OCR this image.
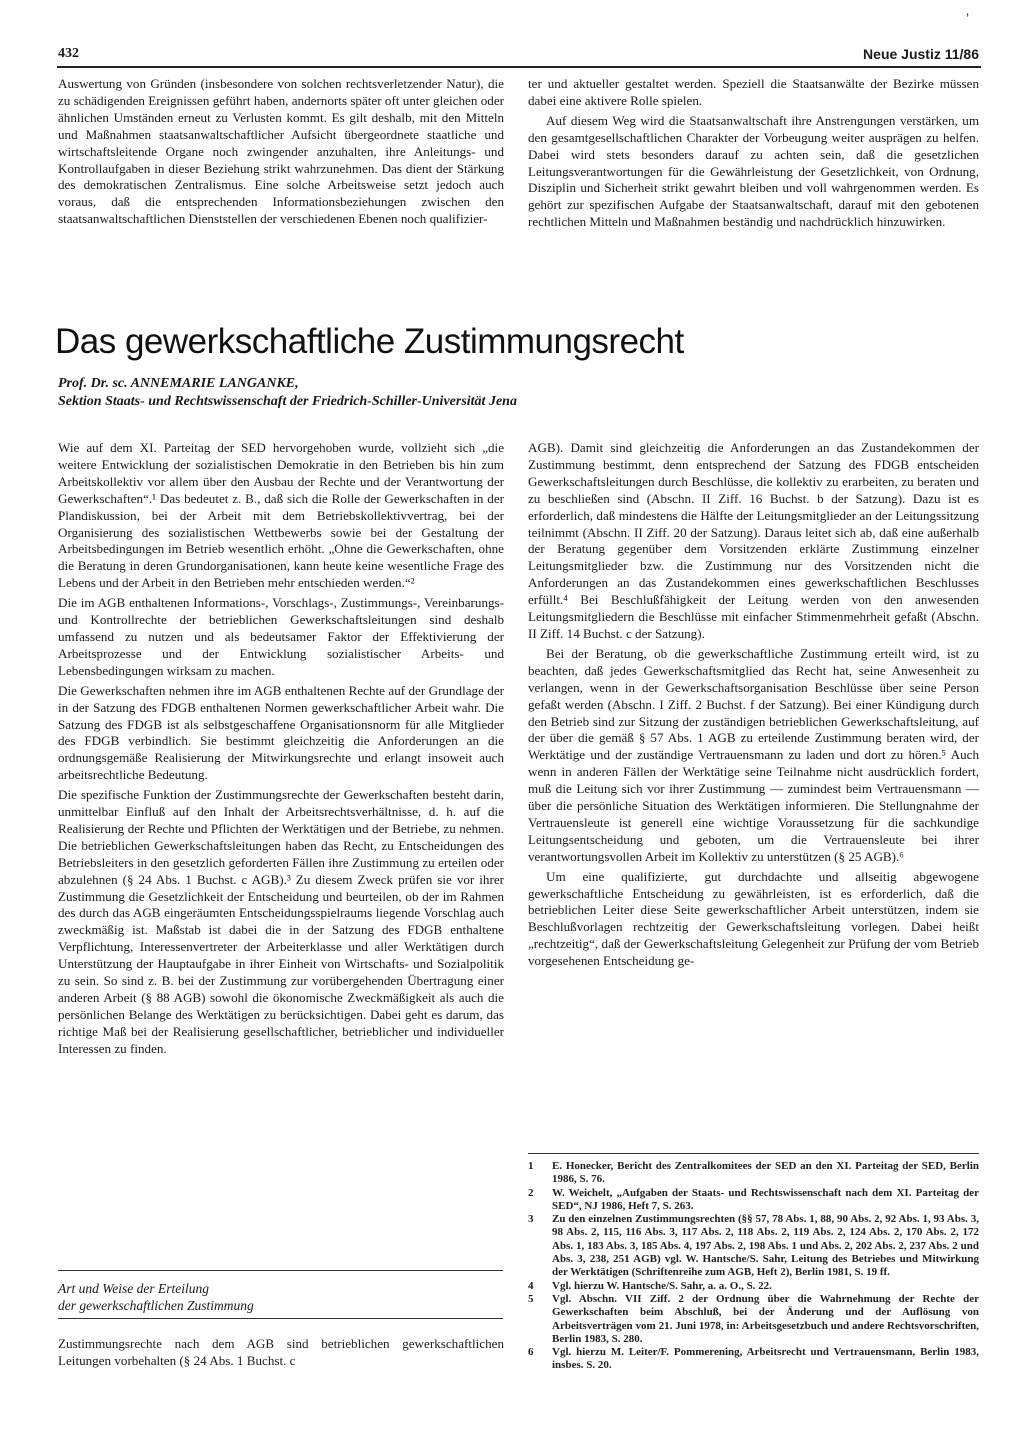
432	Neue Justiz 11/86
’

Auswertung von Gründen (insbesondere von solchen rechtsverletzender Natur), die zu schädigenden Ereignissen geführt haben, andernorts später oft unter gleichen oder ähnlichen Umständen erneut zu Verlusten kommt. Es gilt deshalb, mit den Mitteln und Maßnahmen staatsanwaltschaftlicher Aufsicht übergeordnete staatliche und wirtschaftsleitende Organe noch zwingender anzuhalten, ihre Anleitungs- und Kontrollaufgaben in dieser Beziehung strikt wahrzunehmen. Das dient der Stärkung des demokratischen Zentralismus. Eine solche Arbeitsweise setzt jedoch auch voraus, daß die entsprechenden Informationsbeziehungen zwischen den staatsanwaltschaftlichen Dienststellen der verschiedenen Ebenen noch qualifizier-

ter und aktueller gestaltet werden. Speziell die Staatsanwälte der Bezirke müssen dabei eine aktivere Rolle spielen.

Auf diesem Weg wird die Staatsanwaltschaft ihre Anstrengungen verstärken, um den gesamtgesellschaftlichen Charakter der Vorbeugung weiter ausprägen zu helfen. Dabei wird stets besonders darauf zu achten sein, daß die gesetzlichen Leitungsverantwortungen für die Gewährleistung der Gesetzlichkeit, von Ordnung, Disziplin und Sicherheit strikt gewahrt bleiben und voll wahrgenommen werden. Es gehört zur spezifischen Aufgabe der Staatsanwaltschaft, darauf mit den gebotenen rechtlichen Mitteln und Maßnahmen beständig und nachdrücklich hinzuwirken.

Das gewerkschaftliche Zustimmungsrecht
Prof. Dr. sc. ANNEMARIE LANGANKE,
Sektion Staats- und Rechtswissenschaft der Friedrich-Schiller-Universität Jena

Wie auf dem XI. Parteitag der SED hervorgehoben wurde, vollzieht sich „die weitere Entwicklung der sozialistischen Demokratie in den Betrieben bis hin zum Arbeitskollektiv vor allem über den Ausbau der Rechte und der Verantwortung der Gewerkschaften“.¹ Das bedeutet z. B., daß sich die Rolle der Gewerkschaften in der Plandiskussion, bei der Arbeit mit dem Betriebskollektivvertrag, bei der Organisierung des sozialistischen Wettbewerbs sowie bei der Gestaltung der Arbeitsbedingungen im Betrieb wesentlich erhöht. „Ohne die Gewerkschaften, ohne die Beratung in deren Grundorganisationen, kann heute keine wesentliche Frage des Lebens und der Arbeit in den Betrieben mehr entschieden werden.“²

Die im AGB enthaltenen Informations-, Vorschlags-, Zustimmungs-, Vereinbarungs- und Kontrollrechte der betrieblichen Gewerkschaftsleitungen sind deshalb umfassend zu nutzen und als bedeutsamer Faktor der Effektivierung der Arbeitsprozesse und der Entwicklung sozialistischer Arbeits- und Lebensbedingungen wirksam zu machen.

Die Gewerkschaften nehmen ihre im AGB enthaltenen Rechte auf der Grundlage der in der Satzung des FDGB enthaltenen Normen gewerkschaftlicher Arbeit wahr. Die Satzung des FDGB ist als selbstgeschaffene Organisationsnorm für alle Mitglieder des FDGB verbindlich. Sie bestimmt gleichzeitig die Anforderungen an die ordnungsgemäße Realisierung der Mitwirkungsrechte und erlangt insoweit auch arbeitsrechtliche Bedeutung.

Die spezifische Funktion der Zustimmungsrechte der Gewerkschaften besteht darin, unmittelbar Einfluß auf den Inhalt der Arbeitsrechtsverhältnisse, d. h. auf die Realisierung der Rechte und Pflichten der Werktätigen und der Betriebe, zu nehmen. Die betrieblichen Gewerkschaftsleitungen haben das Recht, zu Entscheidungen des Betriebsleiters in den gesetzlich geforderten Fällen ihre Zustimmung zu erteilen oder abzulehnen (§ 24 Abs. 1 Buchst. c AGB).³ Zu diesem Zweck prüfen sie vor ihrer Zustimmung die Gesetzlichkeit der Entscheidung und beurteilen, ob der im Rahmen des durch das AGB eingeräumten Entscheidungsspielraums liegende Vorschlag auch zweckmäßig ist. Maßstab ist dabei die in der Satzung des FDGB enthaltene Verpflichtung, Interessenvertreter der Arbeiterklasse und aller Werktätigen durch Unterstützung der Hauptaufgabe in ihrer Einheit von Wirtschafts- und Sozialpolitik zu sein. So sind z. B. bei der Zustimmung zur vorübergehenden Übertragung einer anderen Arbeit (§ 88 AGB) sowohl die ökonomische Zweckmäßigkeit als auch die persönlichen Belange des Werktätigen zu berücksichtigen. Dabei geht es darum, das richtige Maß bei der Realisierung gesellschaftlicher, betrieblicher und individueller Interessen zu finden.

Art und Weise der Erteilung
der gewerkschaftlichen Zustimmung

Zustimmungsrechte nach dem AGB sind betrieblichen gewerkschaftlichen Leitungen vorbehalten (§ 24 Abs. 1 Buchst. c

AGB). Damit sind gleichzeitig die Anforderungen an das Zustandekommen der Zustimmung bestimmt, denn entsprechend der Satzung des FDGB entscheiden Gewerkschaftsleitungen durch Beschlüsse, die kollektiv zu erarbeiten, zu beraten und zu beschließen sind (Abschn. II Ziff. 16 Buchst. b der Satzung). Dazu ist es erforderlich, daß mindestens die Hälfte der Leitungsmitglieder an der Leitungssitzung teilnimmt (Abschn. II Ziff. 20 der Satzung). Daraus leitet sich ab, daß eine außerhalb der Beratung gegenüber dem Vorsitzenden erklärte Zustimmung einzelner Leitungsmitglieder bzw. die Zustimmung nur des Vorsitzenden nicht die Anforderungen an das Zustandekommen eines gewerkschaftlichen Beschlusses erfüllt.⁴ Bei Beschlußfähigkeit der Leitung werden von den anwesenden Leitungsmitgliedern die Beschlüsse mit einfacher Stimmenmehrheit gefaßt (Abschn. II Ziff. 14 Buchst. c der Satzung).

Bei der Beratung, ob die gewerkschaftliche Zustimmung erteilt wird, ist zu beachten, daß jedes Gewerkschaftsmitglied das Recht hat, seine Anwesenheit zu verlangen, wenn in der Gewerkschaftsorganisation Beschlüsse über seine Person gefaßt werden (Abschn. I Ziff. 2 Buchst. f der Satzung). Bei einer Kündigung durch den Betrieb sind zur Sitzung der zuständigen betrieblichen Gewerkschaftsleitung, auf der über die gemäß § 57 Abs. 1 AGB zu erteilende Zustimmung beraten wird, der Werktätige und der zuständige Vertrauensmann zu laden und dort zu hören.⁵ Auch wenn in anderen Fällen der Werktätige seine Teilnahme nicht ausdrücklich fordert, muß die Leitung sich vor ihrer Zustimmung — zumindest beim Vertrauensmann — über die persönliche Situation des Werktätigen informieren. Die Stellungnahme der Vertrauensleute ist generell eine wichtige Voraussetzung für die sachkundige Leitungsentscheidung und geboten, um die Vertrauensleute bei ihrer verantwortungsvollen Arbeit im Kollektiv zu unterstützen (§ 25 AGB).⁶

Um eine qualifizierte, gut durchdachte und allseitig abgewogene gewerkschaftliche Entscheidung zu gewährleisten, ist es erforderlich, daß die betrieblichen Leiter diese Seite gewerkschaftlicher Arbeit unterstützen, indem sie Beschlußvorlagen rechtzeitig der Gewerkschaftsleitung vorlegen. Dabei heißt „rechtzeitig“, daß der Gewerkschaftsleitung Gelegenheit zur Prüfung der vom Betrieb vorgesehenen Entscheidung ge-

1	E. Honecker, Bericht des Zentralkomitees der SED an den XI. Parteitag der SED, Berlin 1986, S. 76.
2	W. Weichelt, „Aufgaben der Staats- und Rechtswissenschaft nach dem XI. Parteitag der SED“, NJ 1986, Heft 7, S. 263.
3	Zu den einzelnen Zustimmungsrechten (§§ 57, 78 Abs. 1, 88, 90 Abs. 2, 92 Abs. 1, 93 Abs. 3, 98 Abs. 2, 115, 116 Abs. 3, 117 Abs. 2, 118 Abs. 2, 119 Abs. 2, 124 Abs. 2, 170 Abs. 2, 172 Abs. 1, 183 Abs. 3, 185 Abs. 4, 197 Abs. 2, 198 Abs. 1 und Abs. 2, 202 Abs. 2, 237 Abs. 2 und Abs. 3, 238, 251 AGB) vgl. W. Hantsche/S. Sahr, Leitung des Betriebes und Mitwirkung der Werktätigen (Schriftenreihe zum AGB, Heft 2), Berlin 1981, S. 19 ff.
4	Vgl. hierzu W. Hantsche/S. Sahr, a. a. O., S. 22.
5	Vgl. Abschn. VII Ziff. 2 der Ordnung über die Wahrnehmung der Rechte der Gewerkschaften beim Abschluß, bei der Änderung und der Auflösung von Arbeitsverträgen vom 21. Juni 1978, in: Arbeitsgesetzbuch und andere Rechtsvorschriften, Berlin 1983, S. 280.
6	Vgl. hierzu M. Leiter/F. Pommerening, Arbeitsrecht und Vertrauensmann, Berlin 1983, insbes. S. 20.
